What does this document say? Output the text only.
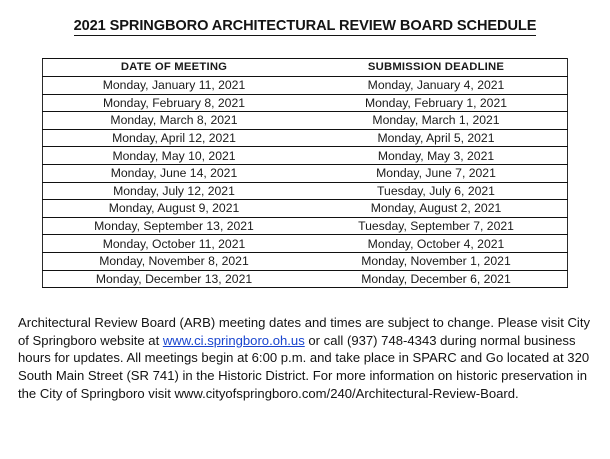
2021 SPRINGBORO ARCHITECTURAL REVIEW BOARD SCHEDULE
DATE OF MEETING	SUBMISSION DEADLINE
Monday, January 11, 2021	Monday, January 4, 2021
Monday, February 8, 2021	Monday, February 1, 2021
Monday, March 8, 2021	Monday, March 1, 2021
Monday, April 12, 2021	Monday, April 5, 2021
Monday, May 10, 2021	Monday, May 3, 2021
Monday, June 14, 2021	Monday, June 7, 2021
Monday, July 12, 2021	Tuesday, July 6, 2021
Monday, August 9, 2021	Monday, August 2, 2021
Monday, September 13, 2021	Tuesday, September 7, 2021
Monday, October 11, 2021	Monday, October 4, 2021
Monday, November 8, 2021	Monday, November 1, 2021
Monday, December 13, 2021	Monday, December 6, 2021

Architectural Review Board (ARB) meeting dates and times are subject to change. Please visit City of Springboro website at www.ci.springboro.oh.us or call (937) 748-4343 during normal business hours for updates. All meetings begin at 6:00 p.m. and take place in SPARC and Go located at 320 South Main Street (SR 741) in the Historic District. For more information on historic preservation in the City of Springboro visit www.cityofspringboro.com/240/Architectural-Review-Board.
